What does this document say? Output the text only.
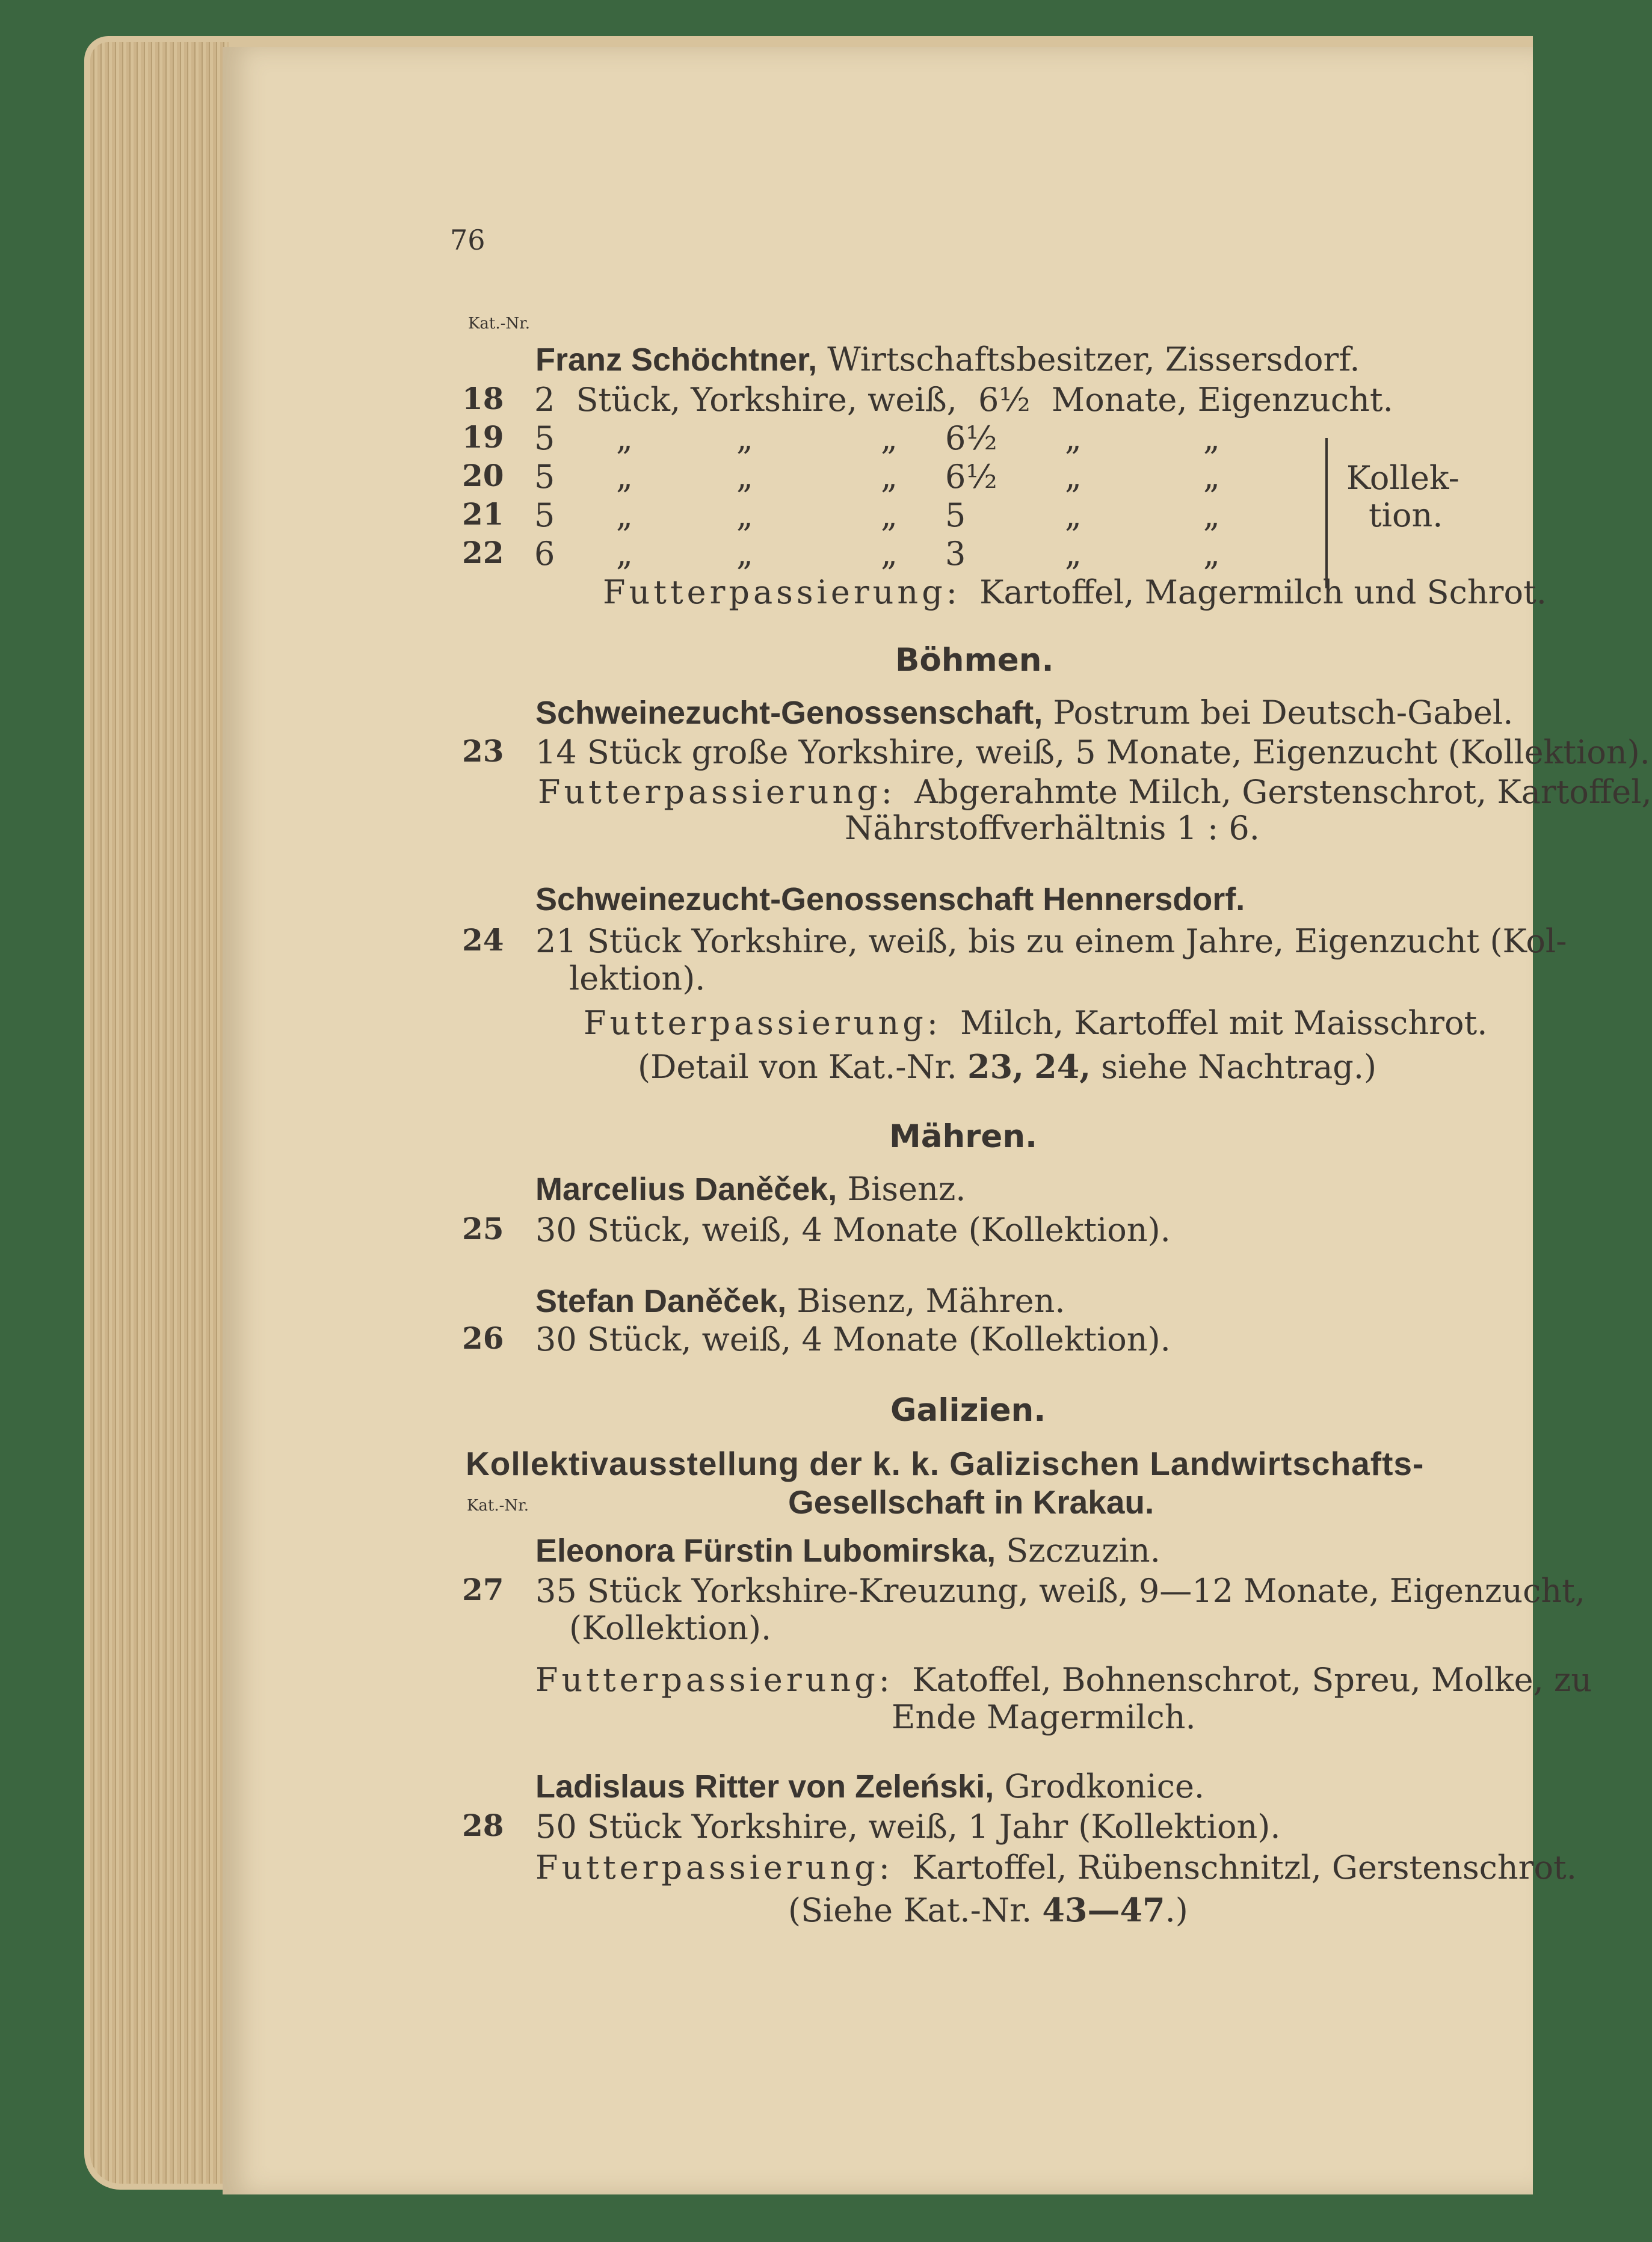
76
Kat.-Nr.
Franz Schöchtner, Wirtschaftsbesitzer, Zissersdorf.
18 2 Stück, Yorkshire, weiß, 6½ Monate, Eigenzucht.
19 5 „	„	„ 6½ „	„
20 5 „	„	„ 6½ „	„
21 5 „	„	„ 5	„	„
22 6 „	„	„ 3	„	„
Kollek-
tion.
Futterpassierung: Kartoffel, Magermilch und Schrot.
Böhmen.
Schweinezucht-Genossenschaft, Postrum bei Deutsch-Gabel.
23 14 Stück große Yorkshire, weiß, 5 Monate, Eigenzucht (Kollektion).
Futterpassierung: Abgerahmte Milch, Gerstenschrot, Kartoffel,
Nährstoffverhältnis 1 : 6.
Schweinezucht-Genossenschaft Hennersdorf.
24 21 Stück Yorkshire, weiß, bis zu einem Jahre, Eigenzucht (Kol-
lektion).
Futterpassierung: Milch, Kartoffel mit Maisschrot.
(Detail von Kat.-Nr. 23, 24, siehe Nachtrag.)
Mähren.
Marcelius Daněček, Bisenz.
25 30 Stück, weiß, 4 Monate (Kollektion).
Stefan Daněček, Bisenz, Mähren.
26 30 Stück, weiß, 4 Monate (Kollektion).
Galizien.
Kollektivausstellung der k. k. Galizischen Landwirtschafts-
Kat.-Nr.	Gesellschaft in Krakau.
Eleonora Fürstin Lubomirska, Szczuzin.
27 35 Stück Yorkshire-Kreuzung, weiß, 9—12 Monate, Eigenzucht,
(Kollektion).
Futterpassierung: Katoffel, Bohnenschrot, Spreu, Molke, zu
Ende Magermilch.
Ladislaus Ritter von Zeleński, Grodkonice.
28 50 Stück Yorkshire, weiß, 1 Jahr (Kollektion).
Futterpassierung: Kartoffel, Rübenschnitzl, Gerstenschrot.
(Siehe Kat.-Nr. 43—47.)
